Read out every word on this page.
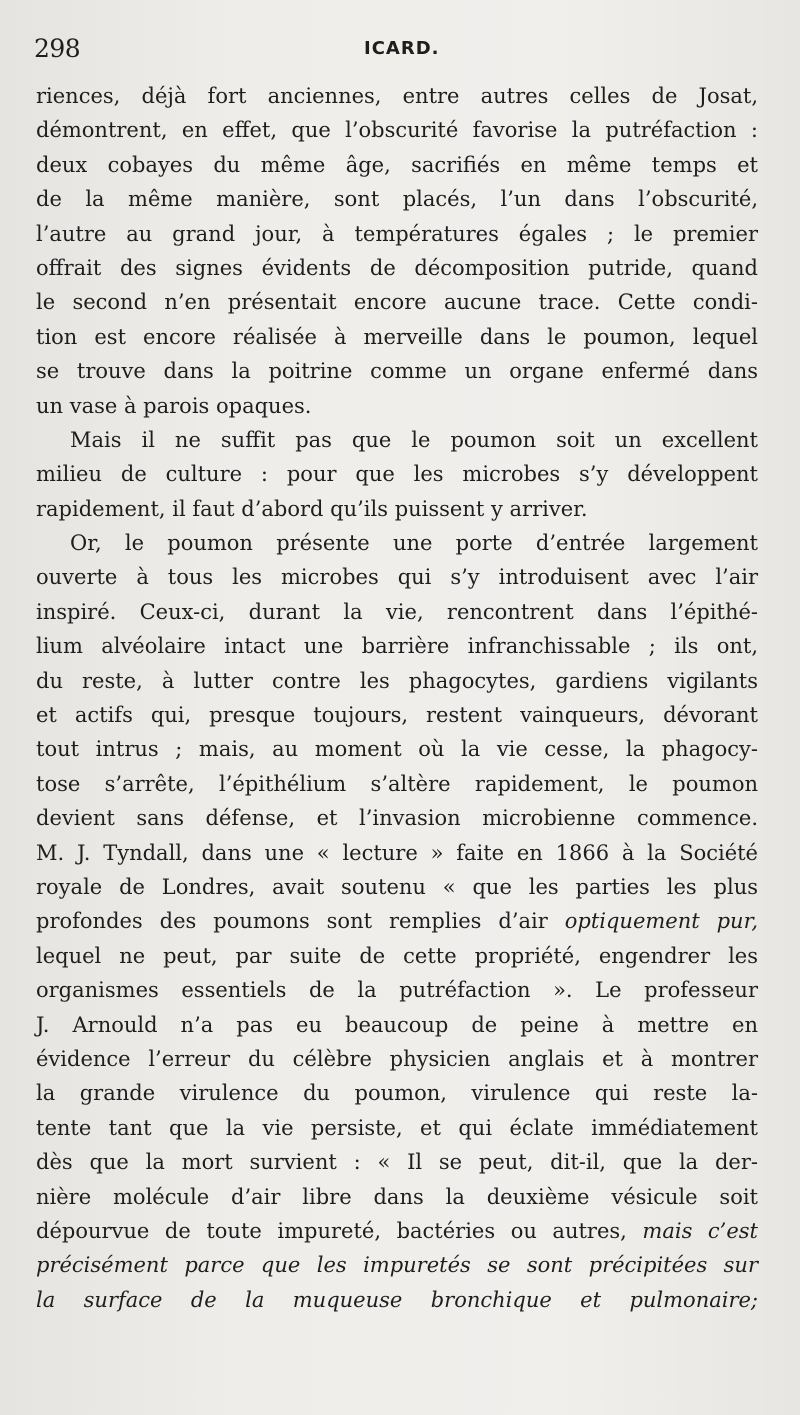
298	ICARD.
riences, déjà fort anciennes, entre autres celles de Josat,
démontrent, en effet, que l’obscurité favorise la putréfaction :
deux cobayes du même âge, sacrifiés en même temps et
de la même manière, sont placés, l’un dans l’obscurité,
l’autre au grand jour, à températures égales ; le premier
offrait des signes évidents de décomposition putride, quand
le second n’en présentait encore aucune trace. Cette condi-
tion est encore réalisée à merveille dans le poumon, lequel
se trouve dans la poitrine comme un organe enfermé dans
un vase à parois opaques.
Mais il ne suffit pas que le poumon soit un excellent
milieu de culture : pour que les microbes s’y développent
rapidement, il faut d’abord qu’ils puissent y arriver.
Or, le poumon présente une porte d’entrée largement
ouverte à tous les microbes qui s’y introduisent avec l’air
inspiré. Ceux-ci, durant la vie, rencontrent dans l’épithé-
lium alvéolaire intact une barrière infranchissable ; ils ont,
du reste, à lutter contre les phagocytes, gardiens vigilants
et actifs qui, presque toujours, restent vainqueurs, dévorant
tout intrus ; mais, au moment où la vie cesse, la phagocy-
tose s’arrête, l’épithélium s’altère rapidement, le poumon
devient sans défense, et l’invasion microbienne commence.
M. J. Tyndall, dans une « lecture » faite en 1866 à la Société
royale de Londres, avait soutenu « que les parties les plus
profondes des poumons sont remplies d’air optiquement pur,
lequel ne peut, par suite de cette propriété, engendrer les
organismes essentiels de la putréfaction ». Le professeur
J. Arnould n’a pas eu beaucoup de peine à mettre en
évidence l’erreur du célèbre physicien anglais et à montrer
la grande virulence du poumon, virulence qui reste la-
tente tant que la vie persiste, et qui éclate immédiatement
dès que la mort survient : « Il se peut, dit-il, que la der-
nière molécule d’air libre dans la deuxième vésicule soit
dépourvue de toute impureté, bactéries ou autres, mais c’est
précisément parce que les impuretés se sont précipitées sur
la surface de la muqueuse bronchique et pulmonaire;
